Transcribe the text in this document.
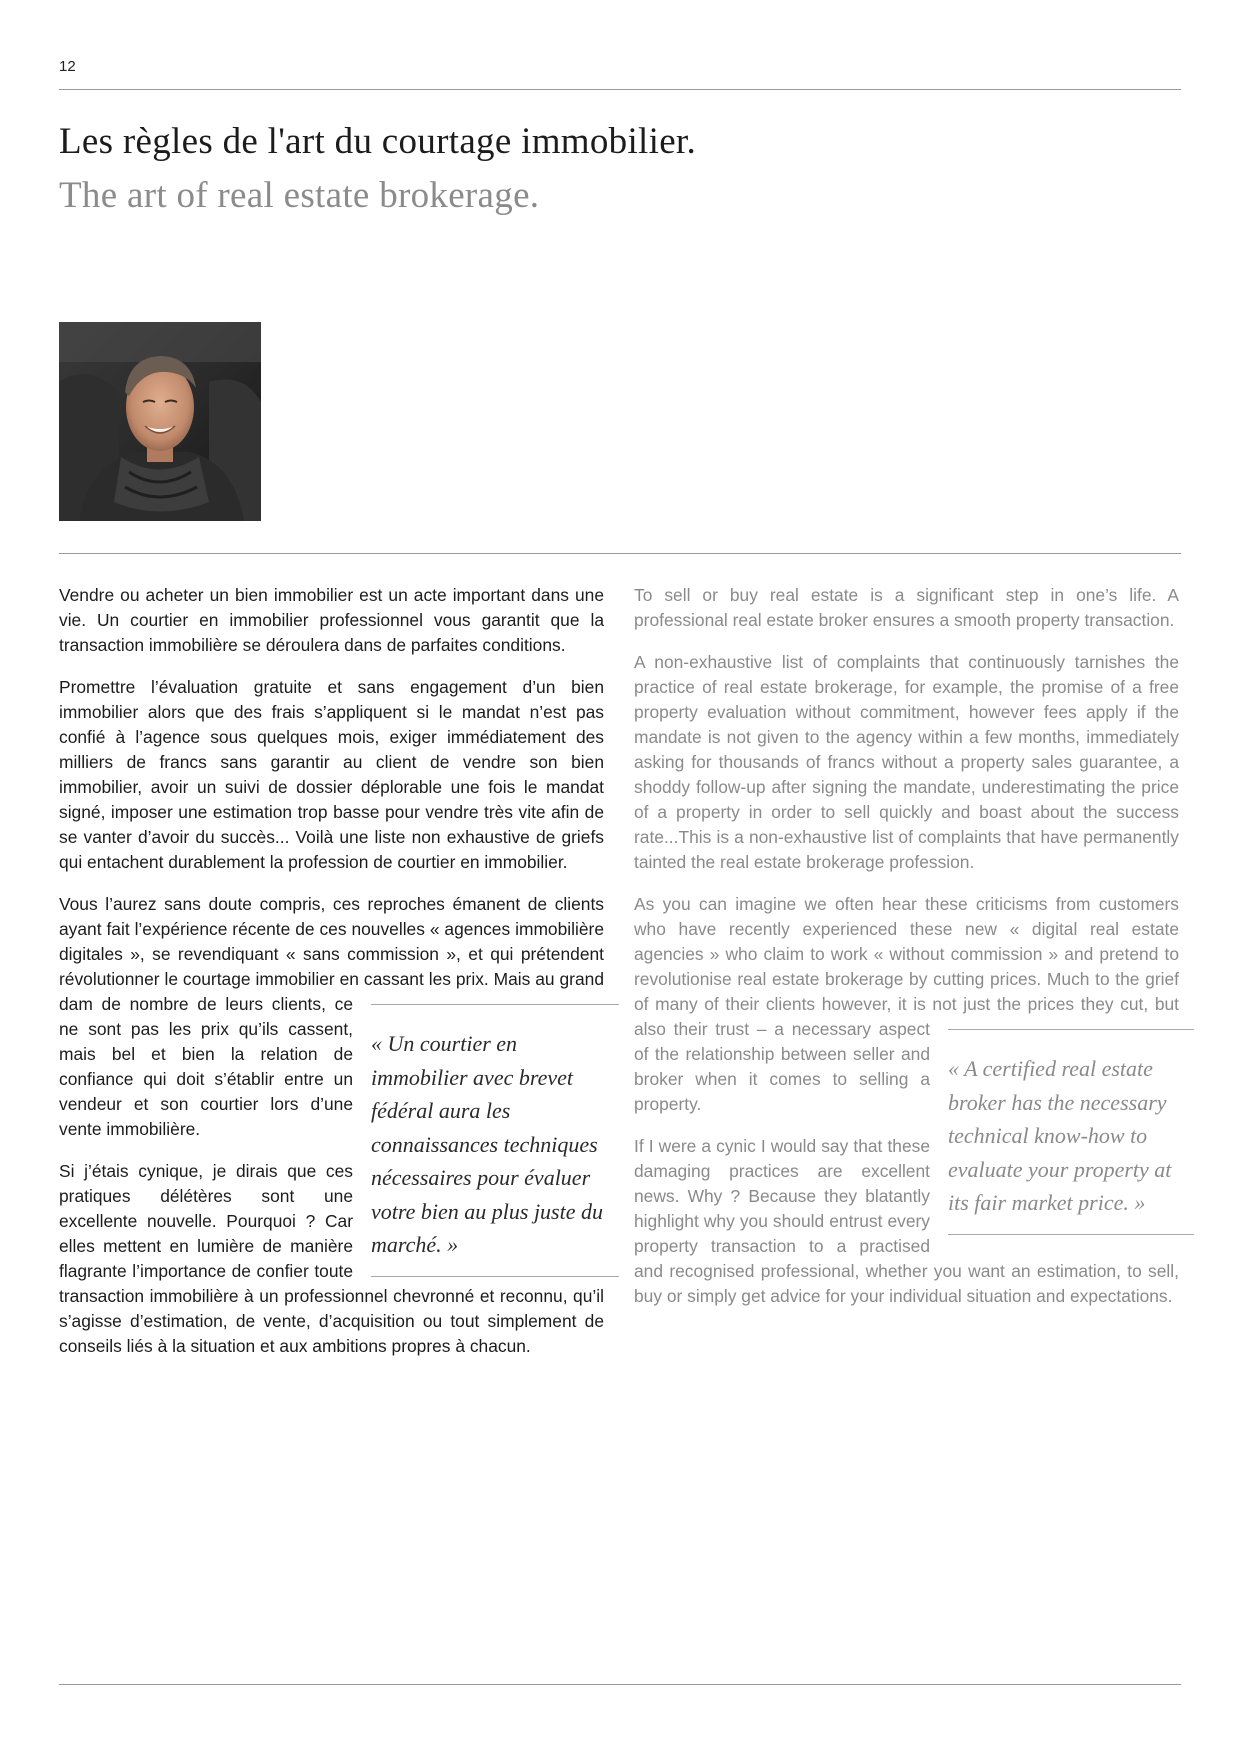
12
Les règles de l'art du courtage immobilier.
The art of real estate brokerage.

Vendre ou acheter un bien immobilier est un acte important dans une vie. Un courtier en immobilier professionnel vous garantit que la transaction immobilière se déroulera dans de parfaites conditions.

Promettre l’évaluation gratuite et sans engagement d’un bien immobilier alors que des frais s’appliquent si le mandat n’est pas confié à l’agence sous quelques mois, exiger immédiatement des milliers de francs sans garantir au client de vendre son bien immobilier, avoir un suivi de dossier déplorable une fois le mandat signé, imposer une estimation trop basse pour vendre très vite afin de se vanter d’avoir du succès... Voilà une liste non exhaustive de griefs qui entachent durablement la profession de courtier en immobilier.

Vous l’aurez sans doute compris, ces reproches émanent de clients ayant fait l’expérience récente de ces nouvelles « agences immobilière digitales », se revendiquant « sans commission », et qui prétendent révolutionner le courtage immobilier en cassant les prix. Mais au grand dam de nombre de
« Un courtier en immobilier avec brevet fédéral aura les connaissances techniques nécessaires pour évaluer votre bien au plus juste du marché. »
leurs clients, ce ne sont pas les prix qu’ils cassent, mais bel et bien la relation de confiance qui doit s’établir entre un vendeur et son courtier lors d’une vente immobilière.

Si j’étais cynique, je dirais que ces pratiques délétères sont une excellente nouvelle. Pourquoi ? Car elles mettent en lumière de manière flagrante l’importance de confier toute transaction immobilière à un professionnel chevronné et reconnu, qu’il s’agisse d’estimation, de vente, d’acquisition ou tout simplement de conseils liés à la situation et aux ambitions propres à chacun.

To sell or buy real estate is a significant step in one’s life. A professional real estate broker ensures a smooth property transaction.

A non-exhaustive list of complaints that continuously tarnishes the practice of real estate brokerage, for example, the promise of a free property evaluation without commitment, however fees apply if the mandate is not given to the agency within a few months, immediately asking for thousands of francs without a property sales guarantee, a shoddy follow-up after signing the mandate, underestimating the price of a property in order to sell quickly and boast about the success rate...This is a non-exhaustive list of complaints that have permanently tainted the real estate brokerage profession.

As you can imagine we often hear these criticisms from customers who have recently experienced these new « digital real estate agencies » who claim to work « without commission » and pretend to revolutionise real estate brokerage by cutting prices. Much to the grief of many of their clients however, it is not just the prices
« A certified real estate broker has the necessary technical know-how to evaluate your property at its fair market price. »
they cut, but also their trust – a necessary aspect of the relationship between seller and broker when it comes to selling a property.

If I were a cynic I would say that these damaging practices are excellent news. Why ? Because they blatantly highlight why you should entrust every property transaction to a practised and recognised professional, whether you want an estimation, to sell, buy or simply get advice for your individual situation and expectations.
